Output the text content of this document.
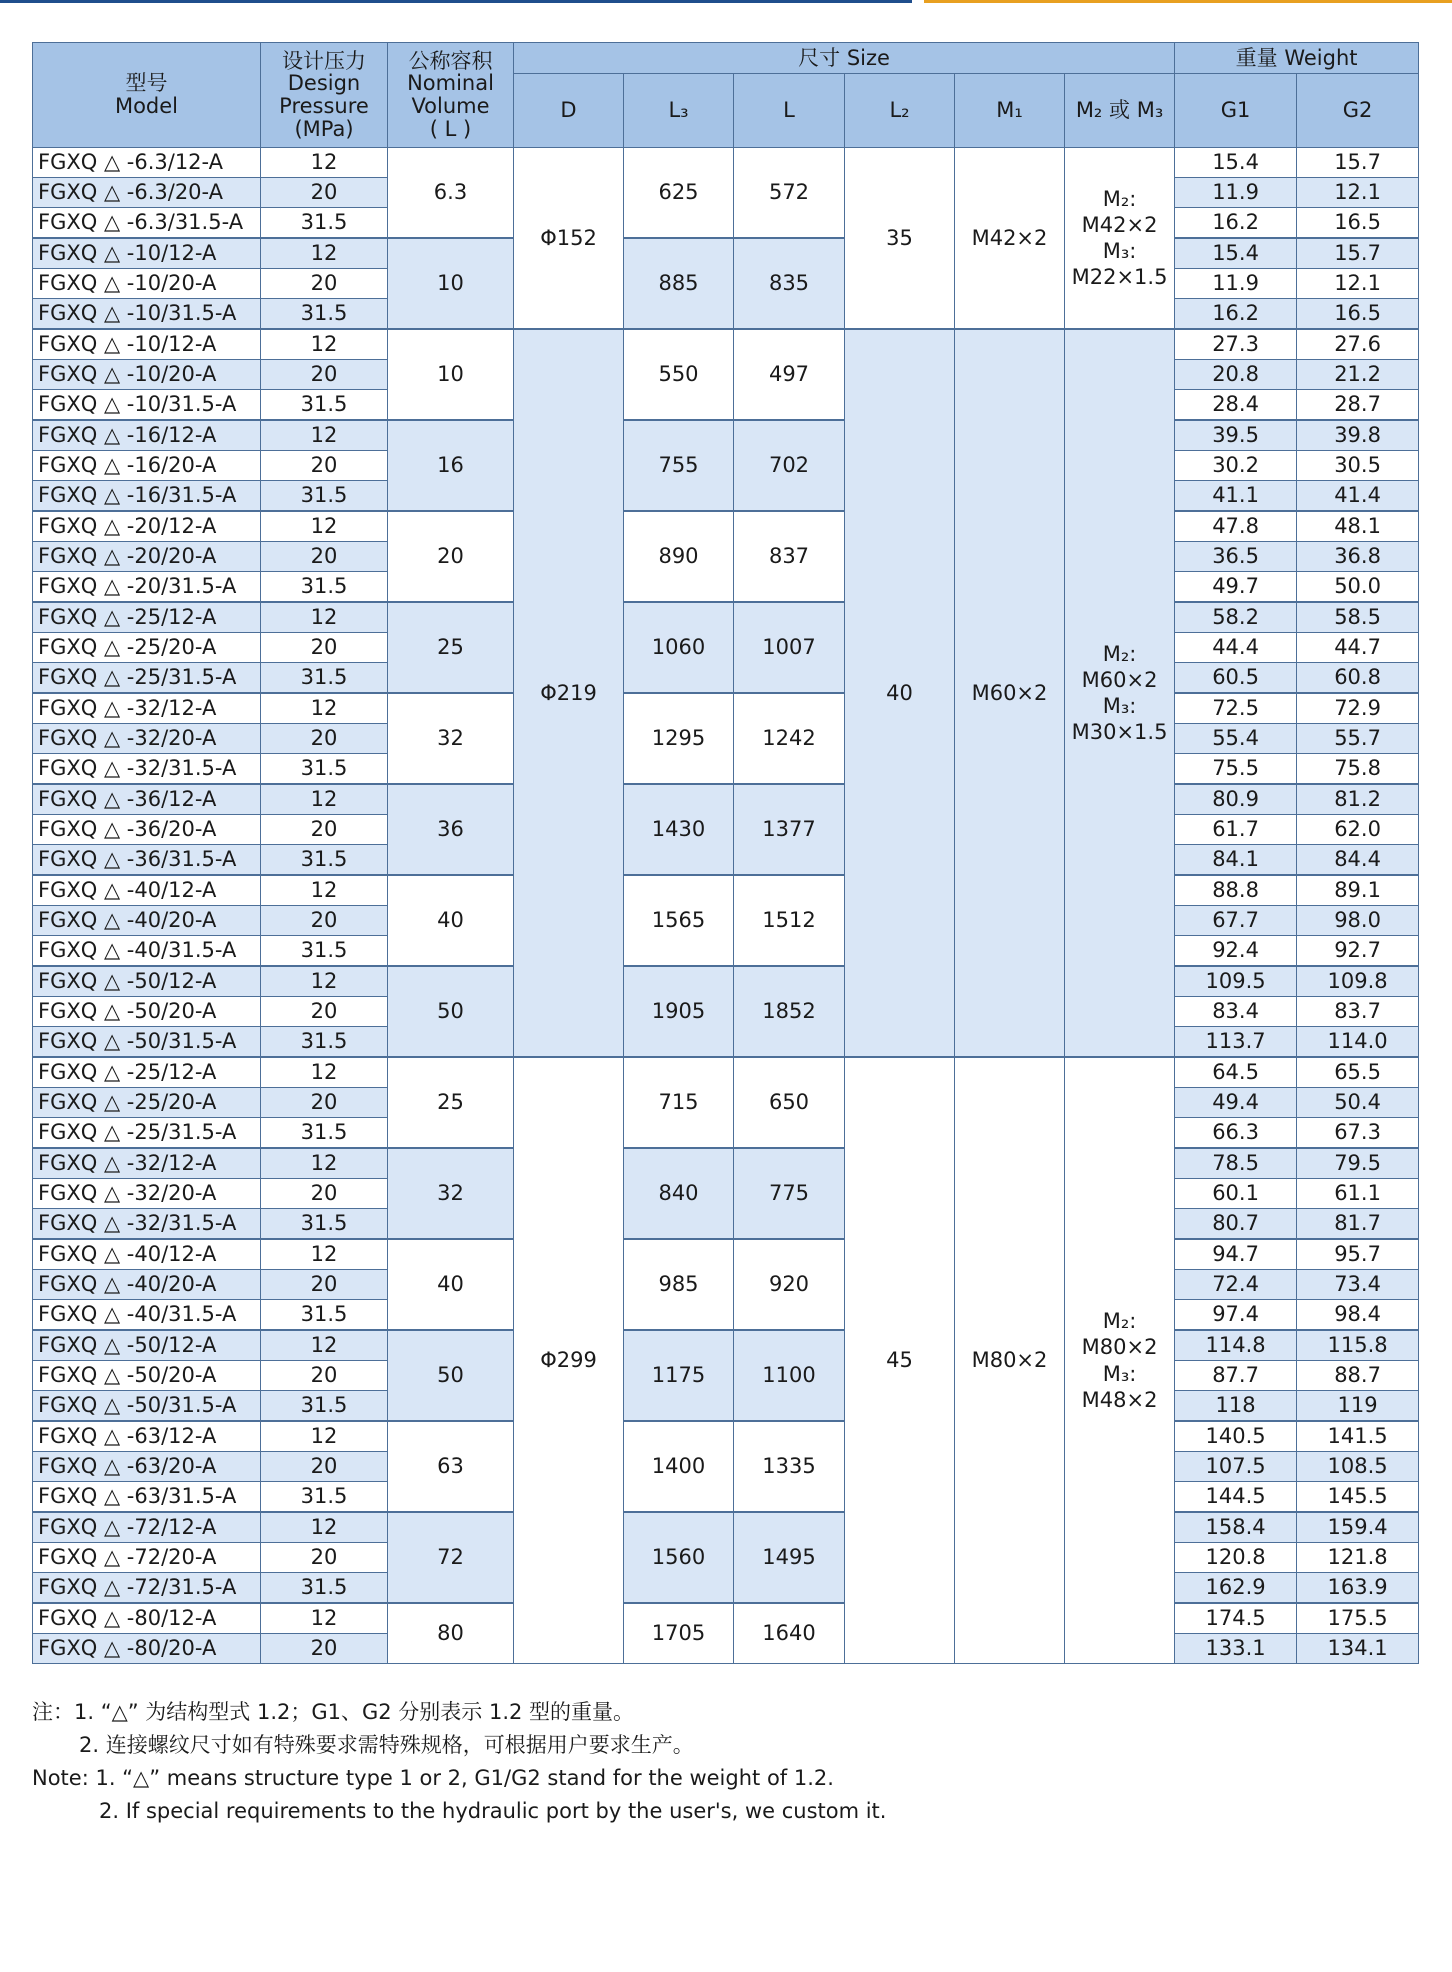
型号
Model	设计压力
Design
Pressure
(MPa)	公称容积
Nominal
Volume
( L )	尺寸 Size						重量 Weight	
			D	L₃	L	L₂	M₁	M₂ 或 M₃	G1	G2
FGXQ △ -6.3/12-A	12	6.3	Φ152	625	572	35	M42×2	M₂:
M42×2
M₃:
M22×1.5	15.4	15.7
FGXQ △ -6.3/20-A	20								11.9	12.1
FGXQ △ -6.3/31.5-A	31.5								16.2	16.5
FGXQ △ -10/12-A	12	10		885	835				15.4	15.7
FGXQ △ -10/20-A	20								11.9	12.1
FGXQ △ -10/31.5-A	31.5								16.2	16.5
FGXQ △ -10/12-A	12	10	Φ219	550	497	40	M60×2	M₂:
M60×2
M₃:
M30×1.5	27.3	27.6
FGXQ △ -10/20-A	20								20.8	21.2
FGXQ △ -10/31.5-A	31.5								28.4	28.7
FGXQ △ -16/12-A	12	16		755	702				39.5	39.8
FGXQ △ -16/20-A	20								30.2	30.5
FGXQ △ -16/31.5-A	31.5								41.1	41.4
FGXQ △ -20/12-A	12	20		890	837				47.8	48.1
FGXQ △ -20/20-A	20								36.5	36.8
FGXQ △ -20/31.5-A	31.5								49.7	50.0
FGXQ △ -25/12-A	12	25		1060	1007				58.2	58.5
FGXQ △ -25/20-A	20								44.4	44.7
FGXQ △ -25/31.5-A	31.5								60.5	60.8
FGXQ △ -32/12-A	12	32		1295	1242				72.5	72.9
FGXQ △ -32/20-A	20								55.4	55.7
FGXQ △ -32/31.5-A	31.5								75.5	75.8
FGXQ △ -36/12-A	12	36		1430	1377				80.9	81.2
FGXQ △ -36/20-A	20								61.7	62.0
FGXQ △ -36/31.5-A	31.5								84.1	84.4
FGXQ △ -40/12-A	12	40		1565	1512				88.8	89.1
FGXQ △ -40/20-A	20								67.7	98.0
FGXQ △ -40/31.5-A	31.5								92.4	92.7
FGXQ △ -50/12-A	12	50		1905	1852				109.5	109.8
FGXQ △ -50/20-A	20								83.4	83.7
FGXQ △ -50/31.5-A	31.5								113.7	114.0
FGXQ △ -25/12-A	12	25	Φ299	715	650	45	M80×2	M₂:
M80×2
M₃:
M48×2	64.5	65.5
FGXQ △ -25/20-A	20								49.4	50.4
FGXQ △ -25/31.5-A	31.5								66.3	67.3
FGXQ △ -32/12-A	12	32		840	775				78.5	79.5
FGXQ △ -32/20-A	20								60.1	61.1
FGXQ △ -32/31.5-A	31.5								80.7	81.7
FGXQ △ -40/12-A	12	40		985	920				94.7	95.7
FGXQ △ -40/20-A	20								72.4	73.4
FGXQ △ -40/31.5-A	31.5								97.4	98.4
FGXQ △ -50/12-A	12	50		1175	1100				114.8	115.8
FGXQ △ -50/20-A	20								87.7	88.7
FGXQ △ -50/31.5-A	31.5								118	119
FGXQ △ -63/12-A	12	63		1400	1335				140.5	141.5
FGXQ △ -63/20-A	20								107.5	108.5
FGXQ △ -63/31.5-A	31.5								144.5	145.5
FGXQ △ -72/12-A	12	72		1560	1495				158.4	159.4
FGXQ △ -72/20-A	20								120.8	121.8
FGXQ △ -72/31.5-A	31.5								162.9	163.9
FGXQ △ -80/12-A	12	80		1705	1640				174.5	175.5
FGXQ △ -80/20-A	20								133.1	134.1
注：1. “△” 为结构型式 1.2；G1、G2 分别表示 1.2 型的重量。
2. 连接螺纹尺寸如有特殊要求需特殊规格，可根据用户要求生产。
Note: 1. “△” means structure type 1 or 2, G1/G2 stand for the weight of 1.2.
2. If special requirements to the hydraulic port by the user's, we custom it.
